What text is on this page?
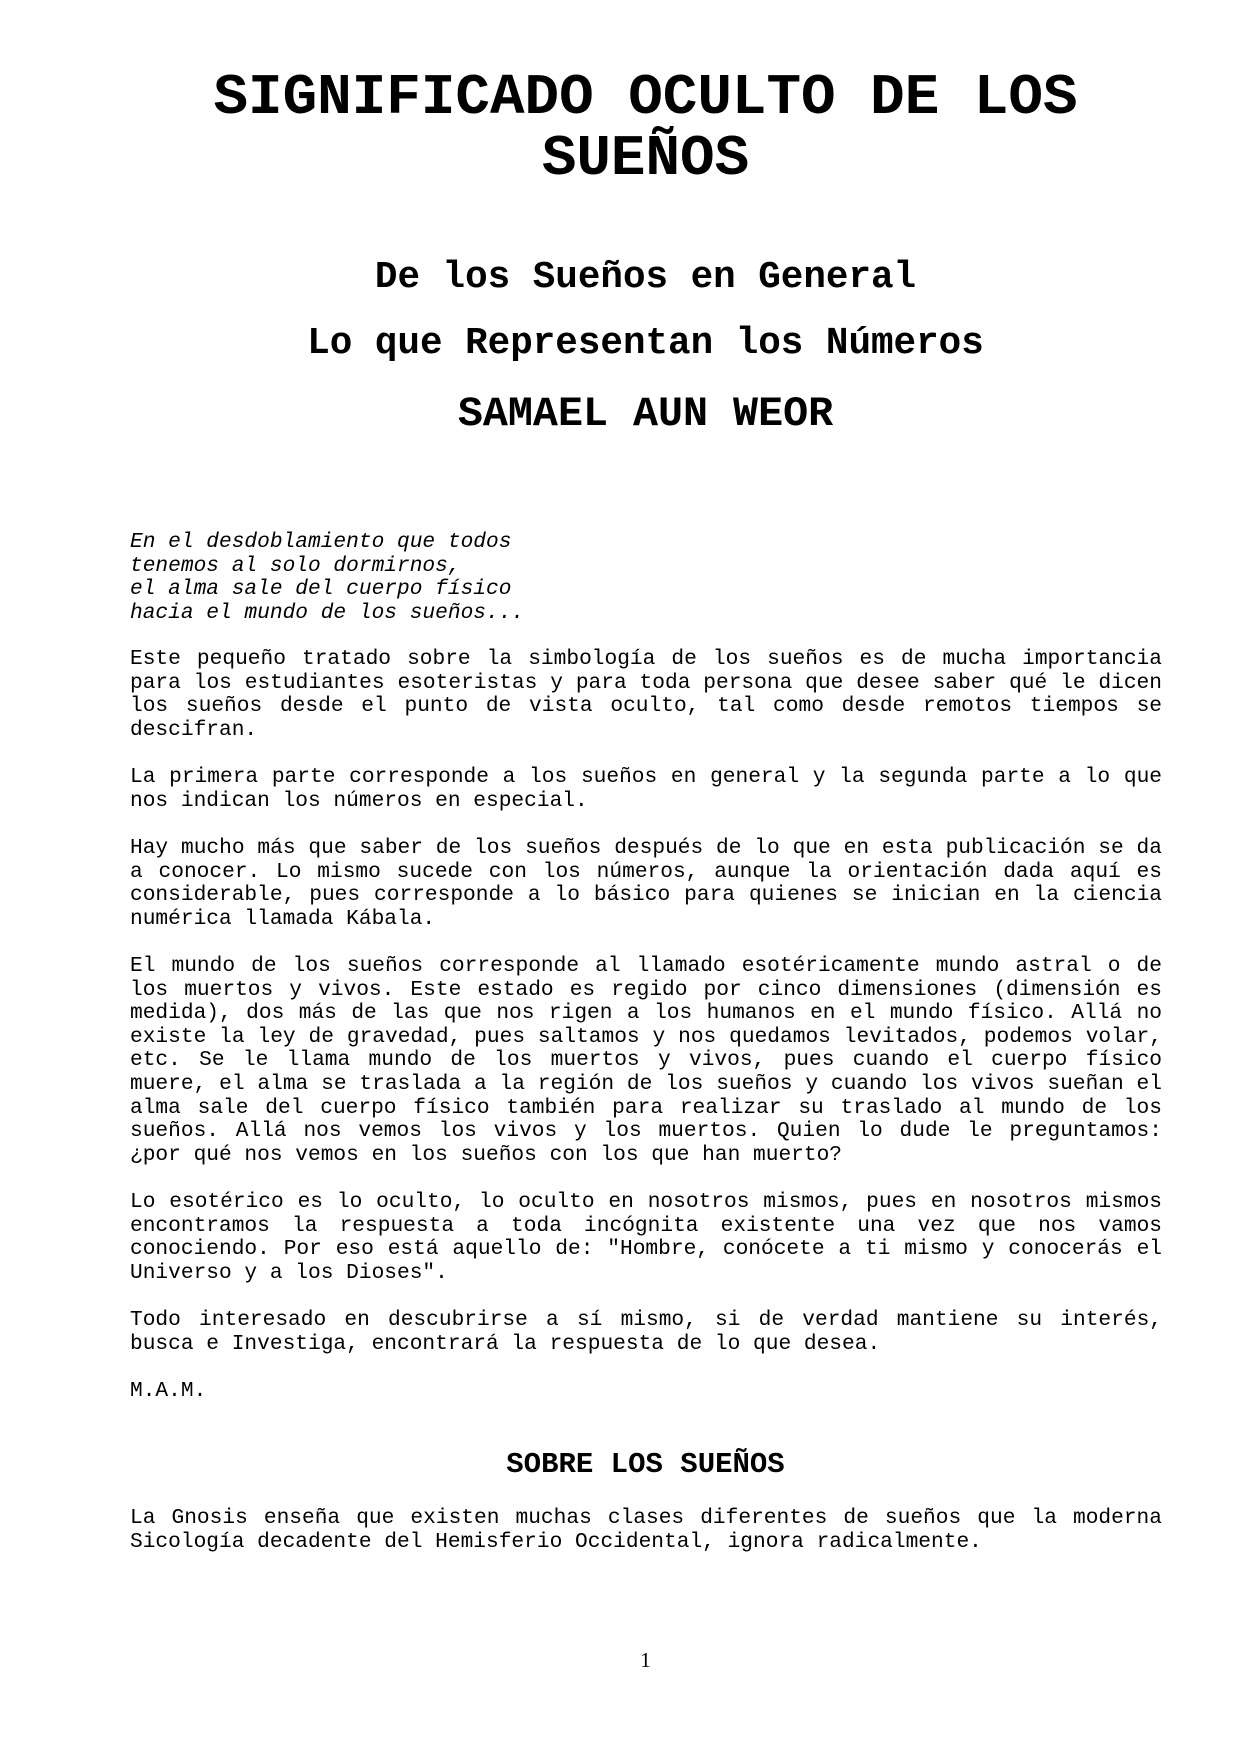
SIGNIFICADO OCULTO DE LOS
SUEÑOS
De los Sueños en General
Lo que Representan los Números
SAMAEL AUN WEOR
En el desdoblamiento que todos
tenemos al solo dormirnos,
el alma sale del cuerpo físico
hacia el mundo de los sueños...

Este pequeño tratado sobre la simbología de los sueños es de mucha importancia para los estudiantes esoteristas y para toda persona que desee saber qué le dicen los sueños desde el punto de vista oculto, tal como desde remotos tiempos se descifran.

La primera parte corresponde a los sueños en general y la segunda parte a lo que nos indican los números en especial.

Hay mucho más que saber de los sueños después de lo que en esta publicación se da a conocer. Lo mismo sucede con los números, aunque la orientación dada aquí es considerable, pues corresponde a lo básico para quienes se inician en la ciencia numérica llamada Kábala.

El mundo de los sueños corresponde al llamado esotéricamente mundo astral o de los muertos y vivos. Este estado es regido por cinco dimensiones (dimensión es medida), dos más de las que nos rigen a los humanos en el mundo físico. Allá no existe la ley de gravedad, pues saltamos y nos quedamos levitados, podemos volar, etc. Se le llama mundo de los muertos y vivos, pues cuando el cuerpo físico muere, el alma se traslada a la región de los sueños y cuando los vivos sueñan el alma sale del cuerpo físico también para realizar su traslado al mundo de los sueños. Allá nos vemos los vivos y los muertos. Quien lo dude le preguntamos: ¿por qué nos vemos en los sueños con los que han muerto?

Lo esotérico es lo oculto, lo oculto en nosotros mismos, pues en nosotros mismos encontramos la respuesta a toda incógnita existente una vez que nos vamos conociendo. Por eso está aquello de: "Hombre, conócete a ti mismo y conocerás el Universo y a los Dioses".

Todo interesado en descubrirse a sí mismo, si de verdad mantiene su interés, busca e Investiga, encontrará la respuesta de lo que desea.

M.A.M.

SOBRE LOS SUEÑOS

La Gnosis enseña que existen muchas clases diferentes de sueños que la moderna Sicología decadente del Hemisferio Occidental, ignora radicalmente.

1
